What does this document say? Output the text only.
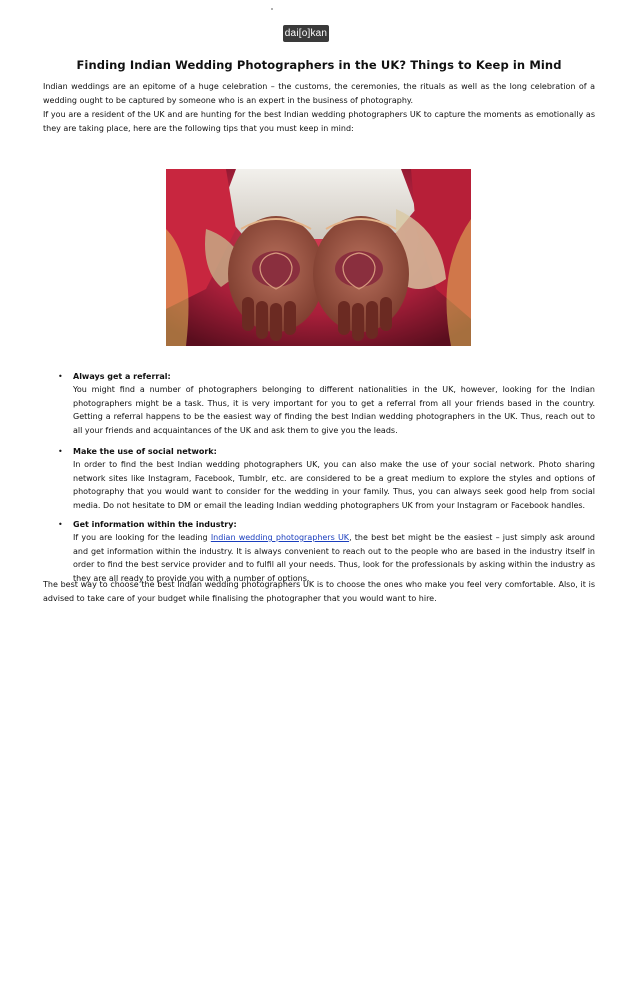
dai[o]kan
Finding Indian Wedding Photographers in the UK? Things to Keep in Mind

Indian weddings are an epitome of a huge celebration – the customs, the ceremonies, the rituals as well as the long celebration of a wedding ought to be captured by someone who is an expert in the business of photography.

If you are a resident of the UK and are hunting for the best Indian wedding photographers UK to capture the moments as emotionally as they are taking place, here are the following tips that you must keep in mind:

• Always get a referral:

You might find a number of photographers belonging to different nationalities in the UK, however, looking for the Indian photographers might be a task. Thus, it is very important for you to get a referral from all your friends based in the country. Getting a referral happens to be the easiest way of finding the best Indian wedding photographers in the UK. Thus, reach out to all your friends and acquaintances of the UK and ask them to give you the leads.

• Make the use of social network:

In order to find the best Indian wedding photographers UK, you can also make the use of your social network. Photo sharing network sites like Instagram, Facebook, Tumblr, etc. are considered to be a great medium to explore the styles and options of photography that you would want to consider for the wedding in your family. Thus, you can always seek good help from social media. Do not hesitate to DM or email the leading Indian wedding photographers UK from your Instagram or Facebook handles.

• Get information within the industry:

If you are looking for the leading Indian wedding photographers UK, the best bet might be the easiest – just simply ask around and get information within the industry. It is always convenient to reach out to the people who are based in the industry itself in order to find the best service provider and to fulfil all your needs. Thus, look for the professionals by asking within the industry as they are all ready to provide you with a number of options.

The best way to choose the best Indian wedding photographers UK is to choose the ones who make you feel very comfortable. Also, it is advised to take care of your budget while finalising the photographer that you would want to hire.
